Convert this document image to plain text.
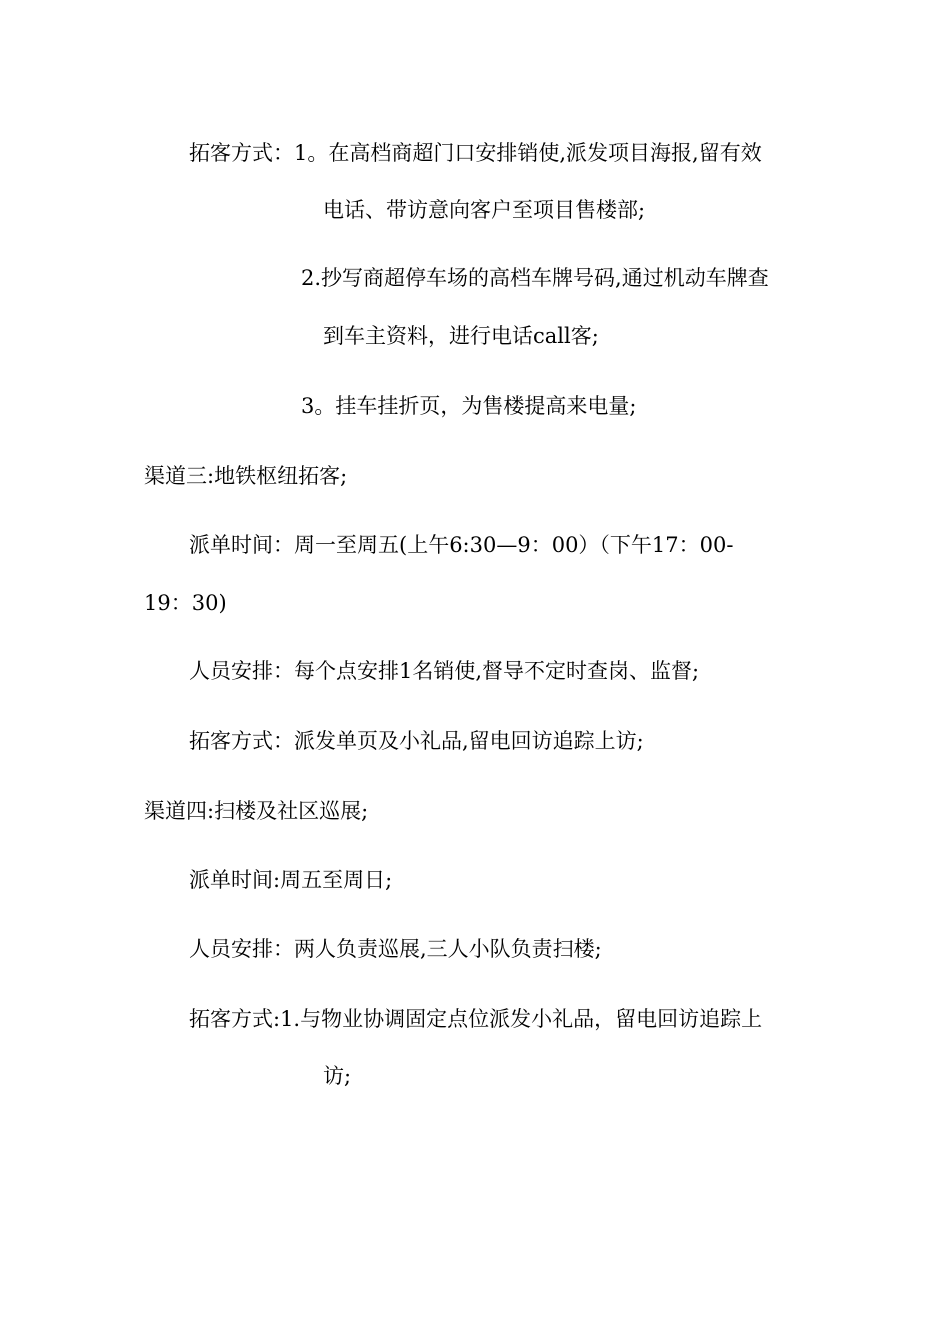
拓客方式：1。在高档商超门口安排销使,派发项目海报,留有效
电话、带访意向客户至项目售楼部;
2.抄写商超停车场的高档车牌号码,通过机动车牌查
到车主资料，进行电话call客;
3。挂车挂折页，为售楼提高来电量;
渠道三:地铁枢纽拓客;
派单时间：周一至周五(上午6:30—9：00）（下午17：00-
19：30)
人员安排：每个点安排1名销使,督导不定时查岗、监督;
拓客方式：派发单页及小礼品,留电回访追踪上访;
渠道四:扫楼及社区巡展;
派单时间:周五至周日;
人员安排：两人负责巡展,三人小队负责扫楼;
拓客方式:1.与物业协调固定点位派发小礼品，留电回访追踪上
访;
